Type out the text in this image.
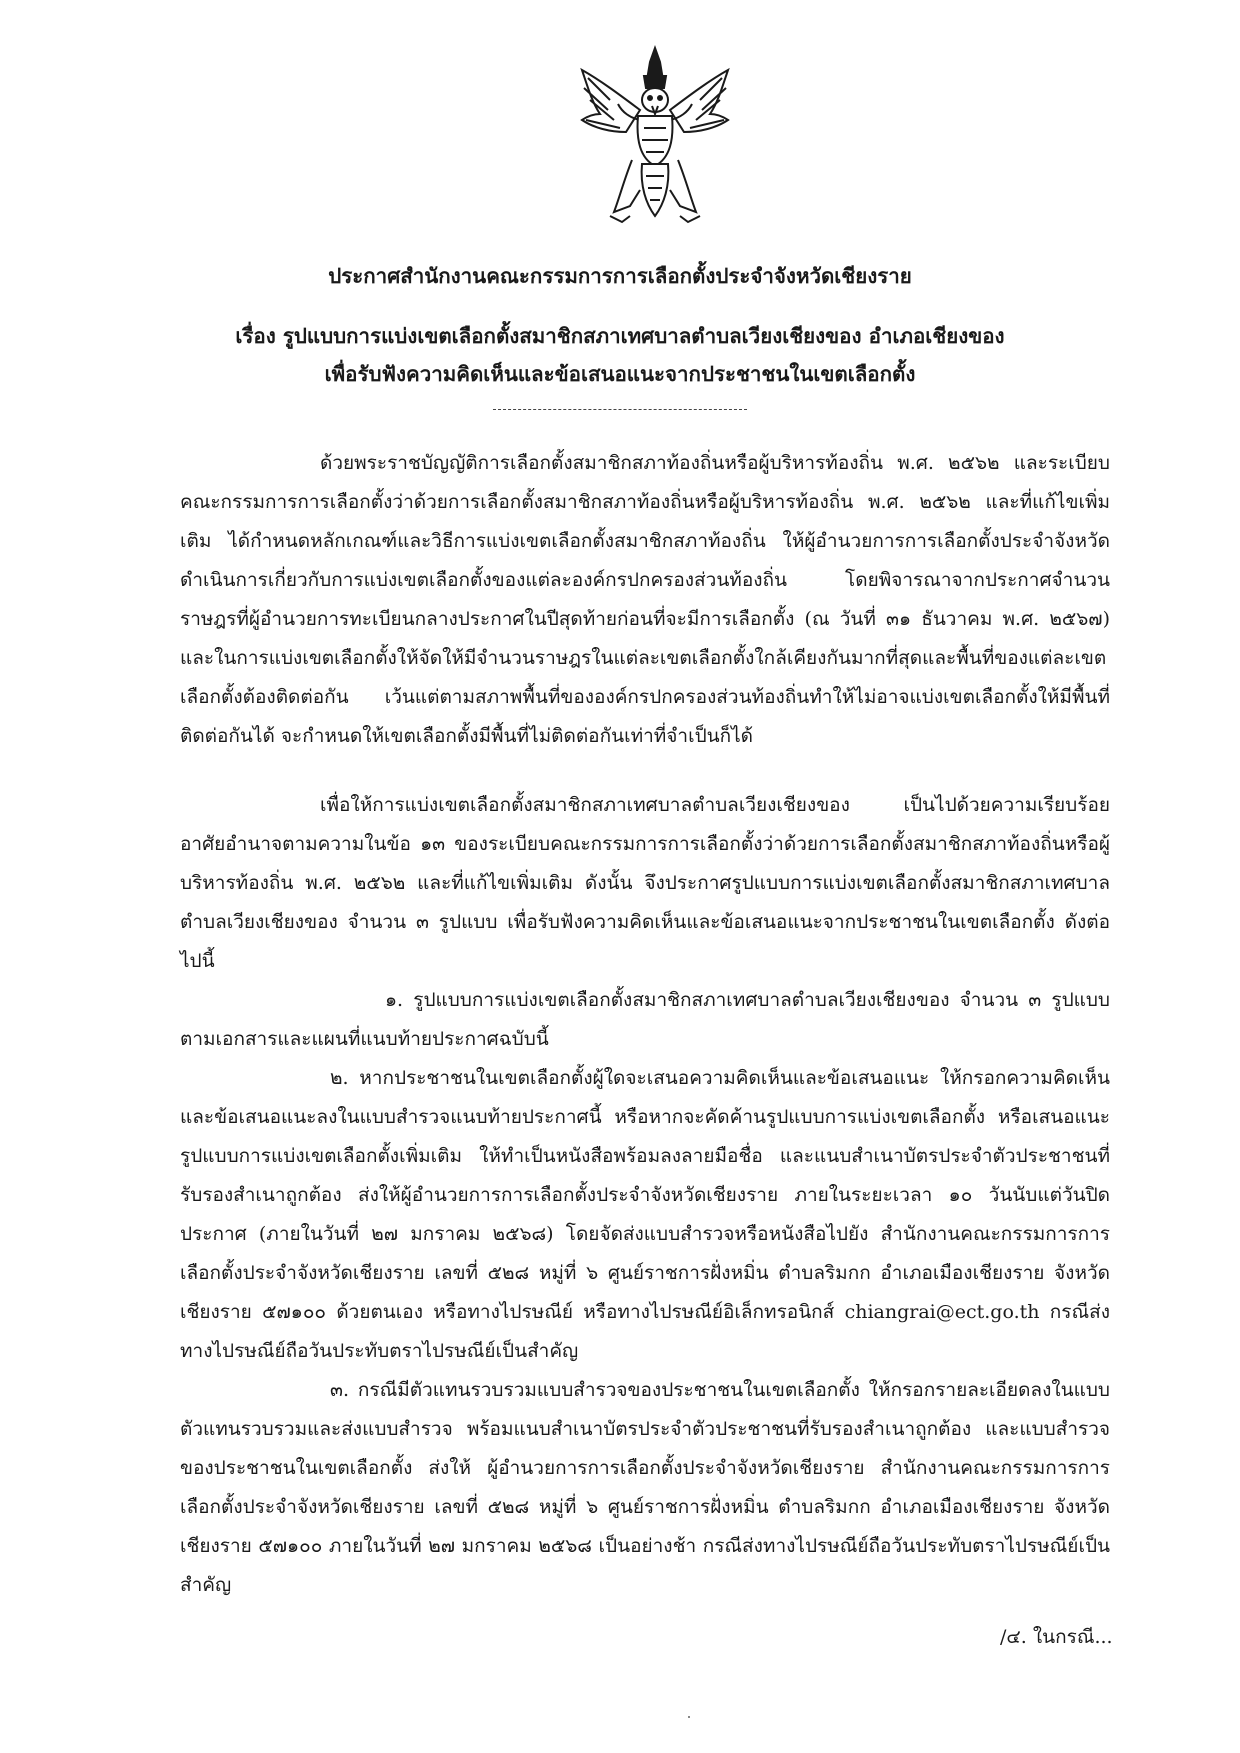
ประกาศสำนักงานคณะกรรมการการเลือกตั้งประจำจังหวัดเชียงราย

เรื่อง รูปแบบการแบ่งเขตเลือกตั้งสมาชิกสภาเทศบาลตำบลเวียงเชียงของ อำเภอเชียงของ
เพื่อรับฟังความคิดเห็นและข้อเสนอแนะจากประชาชนในเขตเลือกตั้ง

ด้วยพระราชบัญญัติการเลือกตั้งสมาชิกสภาท้องถิ่นหรือผู้บริหารท้องถิ่น พ.ศ. ๒๕๖๒ และระเบียบคณะกรรมการการเลือกตั้งว่าด้วยการเลือกตั้งสมาชิกสภาท้องถิ่นหรือผู้บริหารท้องถิ่น พ.ศ. ๒๕๖๒ และที่แก้ไขเพิ่มเติม ได้กำหนดหลักเกณฑ์และวิธีการแบ่งเขตเลือกตั้งสมาชิกสภาท้องถิ่น ให้ผู้อำนวยการการเลือกตั้งประจำจังหวัดดำเนินการเกี่ยวกับการแบ่งเขตเลือกตั้งของแต่ละองค์กรปกครองส่วนท้องถิ่น โดยพิจารณาจากประกาศจำนวนราษฎรที่ผู้อำนวยการทะเบียนกลางประกาศในปีสุดท้ายก่อนที่จะมีการเลือกตั้ง (ณ วันที่ ๓๑ ธันวาคม พ.ศ. ๒๕๖๗) และในการแบ่งเขตเลือกตั้งให้จัดให้มีจำนวนราษฎรในแต่ละเขตเลือกตั้งใกล้เคียงกันมากที่สุดและพื้นที่ของแต่ละเขตเลือกตั้งต้องติดต่อกัน เว้นแต่ตามสภาพพื้นที่ขององค์กรปกครองส่วนท้องถิ่นทำให้ไม่อาจแบ่งเขตเลือกตั้งให้มีพื้นที่ติดต่อกันได้ จะกำหนดให้เขตเลือกตั้งมีพื้นที่ไม่ติดต่อกันเท่าที่จำเป็นก็ได้

เพื่อให้การแบ่งเขตเลือกตั้งสมาชิกสภาเทศบาลตำบลเวียงเชียงของ เป็นไปด้วยความเรียบร้อย อาศัยอำนาจตามความในข้อ ๑๓ ของระเบียบคณะกรรมการการเลือกตั้งว่าด้วยการเลือกตั้งสมาชิกสภาท้องถิ่นหรือผู้บริหารท้องถิ่น พ.ศ. ๒๕๖๒ และที่แก้ไขเพิ่มเติม ดังนั้น จึงประกาศรูปแบบการแบ่งเขตเลือกตั้งสมาชิกสภาเทศบาลตำบลเวียงเชียงของ จำนวน ๓ รูปแบบ เพื่อรับฟังความคิดเห็นและข้อเสนอแนะจากประชาชนในเขตเลือกตั้ง ดังต่อไปนี้

๑. รูปแบบการแบ่งเขตเลือกตั้งสมาชิกสภาเทศบาลตำบลเวียงเชียงของ จำนวน ๓ รูปแบบ ตามเอกสารและแผนที่แนบท้ายประกาศฉบับนี้

๒. หากประชาชนในเขตเลือกตั้งผู้ใดจะเสนอความคิดเห็นและข้อเสนอแนะ ให้กรอกความคิดเห็นและข้อเสนอแนะลงในแบบสำรวจแนบท้ายประกาศนี้ หรือหากจะคัดค้านรูปแบบการแบ่งเขตเลือกตั้ง หรือเสนอแนะรูปแบบการแบ่งเขตเลือกตั้งเพิ่มเติม ให้ทำเป็นหนังสือพร้อมลงลายมือชื่อ และแนบสำเนาบัตรประจำตัวประชาชนที่รับรองสำเนาถูกต้อง ส่งให้ผู้อำนวยการการเลือกตั้งประจำจังหวัดเชียงราย ภายในระยะเวลา ๑๐ วันนับแต่วันปิดประกาศ (ภายในวันที่ ๒๗ มกราคม ๒๕๖๘) โดยจัดส่งแบบสำรวจหรือหนังสือไปยัง สำนักงานคณะกรรมการการเลือกตั้งประจำจังหวัดเชียงราย เลขที่ ๕๒๘ หมู่ที่ ๖ ศูนย์ราชการฝั่งหมิ่น ตำบลริมกก อำเภอเมืองเชียงราย จังหวัดเชียงราย ๕๗๑๐๐ ด้วยตนเอง หรือทางไปรษณีย์ หรือทางไปรษณีย์อิเล็กทรอนิกส์ chiangrai@ect.go.th กรณีส่งทางไปรษณีย์ถือวันประทับตราไปรษณีย์เป็นสำคัญ

๓. กรณีมีตัวแทนรวบรวมแบบสำรวจของประชาชนในเขตเลือกตั้ง ให้กรอกรายละเอียดลงในแบบตัวแทนรวบรวมและส่งแบบสำรวจ พร้อมแนบสำเนาบัตรประจำตัวประชาชนที่รับรองสำเนาถูกต้อง และแบบสำรวจของประชาชนในเขตเลือกตั้ง ส่งให้ ผู้อำนวยการการเลือกตั้งประจำจังหวัดเชียงราย สำนักงานคณะกรรมการการเลือกตั้งประจำจังหวัดเชียงราย เลขที่ ๕๒๘ หมู่ที่ ๖ ศูนย์ราชการฝั่งหมิ่น ตำบลริมกก อำเภอเมืองเชียงราย จังหวัดเชียงราย ๕๗๑๐๐ ภายในวันที่ ๒๗ มกราคม ๒๕๖๘ เป็นอย่างช้า กรณีส่งทางไปรษณีย์ถือวันประทับตราไปรษณีย์เป็นสำคัญ

/๔. ในกรณี...
